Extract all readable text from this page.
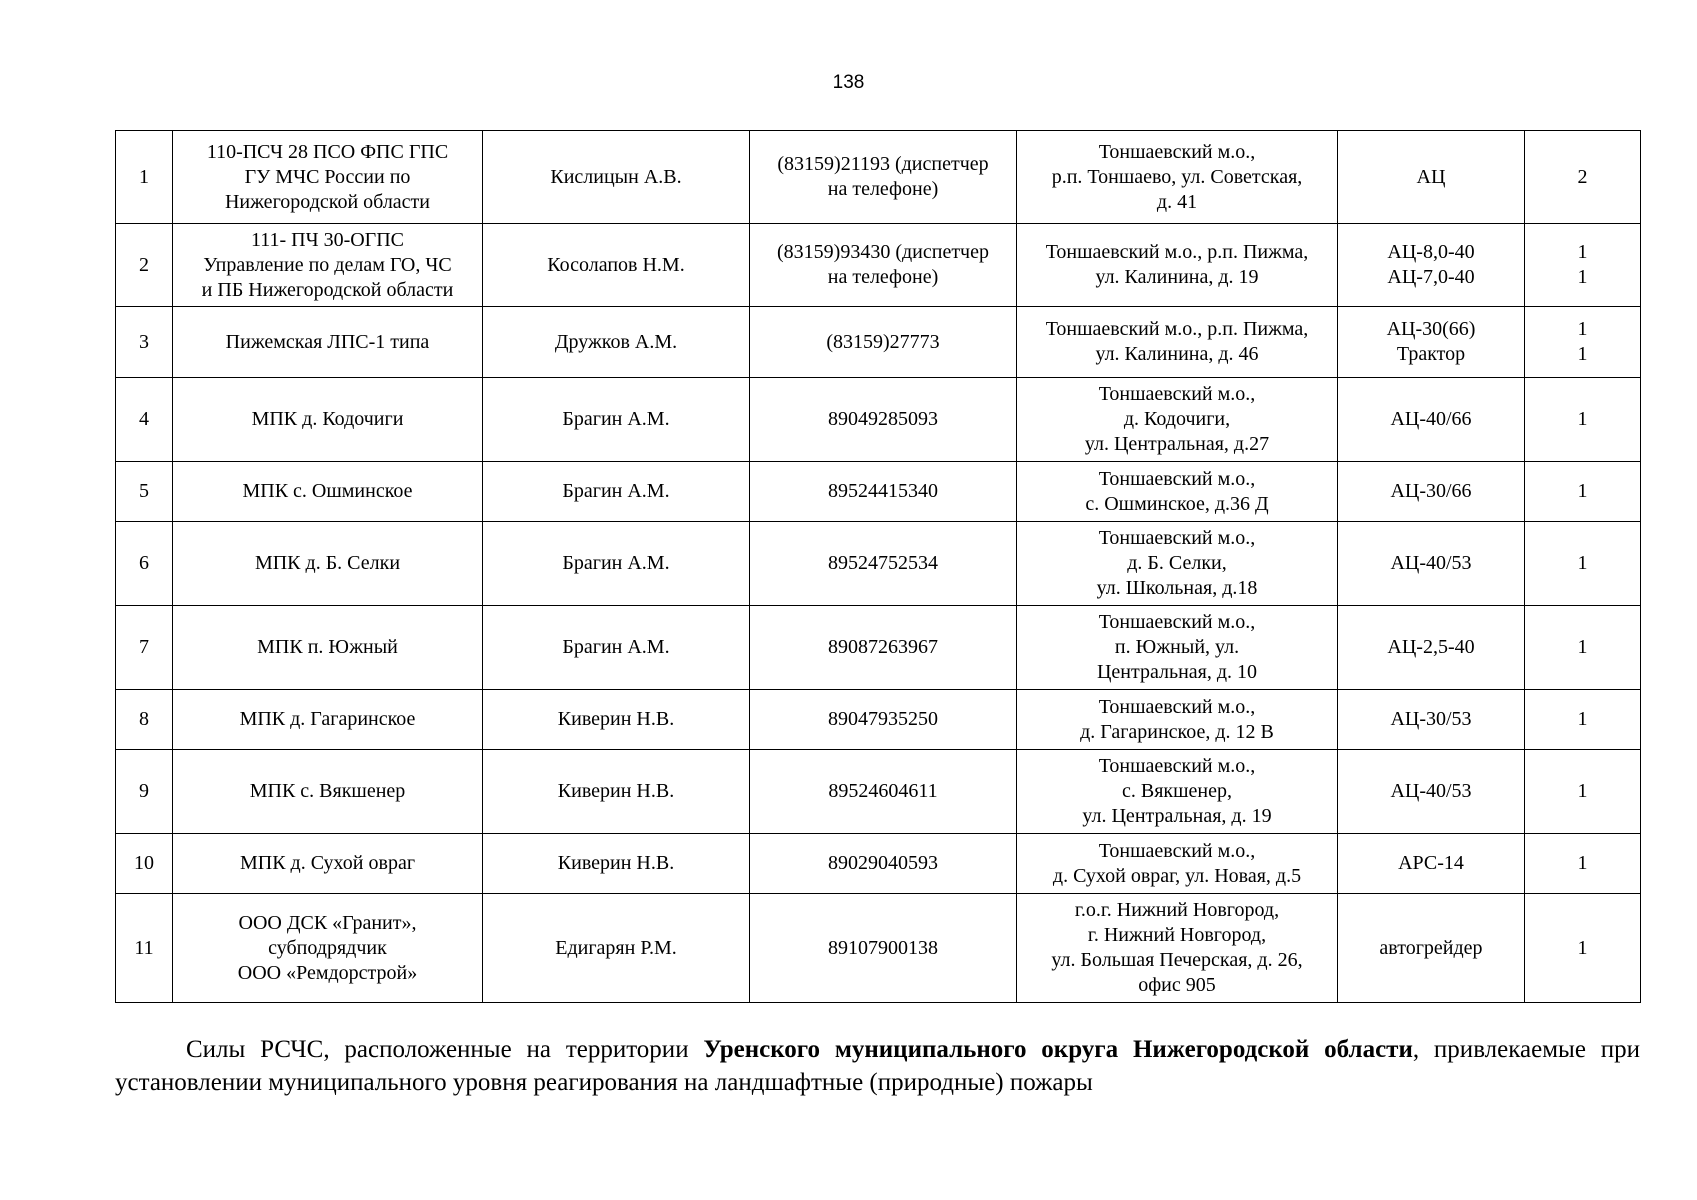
138
1	110-ПСЧ 28 ПСО ФПС ГПС
ГУ МЧС России по
Нижегородской области	Кислицын А.В.	(83159)21193 (диспетчер
на телефоне)	Тоншаевский м.о.,
р.п. Тоншаево, ул. Советская,
д. 41	АЦ	2
2	111- ПЧ 30-ОГПС
Управление по делам ГО, ЧС
и ПБ Нижегородской области	Косолапов Н.М.	(83159)93430 (диспетчер
на телефоне)	Тоншаевский м.о., р.п. Пижма,
ул. Калинина, д. 19	АЦ-8,0-40
АЦ-7,0-40	1
1
3	Пижемская ЛПС-1 типа	Дружков А.М.	(83159)27773	Тоншаевский м.о., р.п. Пижма,
ул. Калинина, д. 46	АЦ-30(66)
Трактор	1
1
4	МПК д. Кодочиги	Брагин А.М.	89049285093	Тоншаевский м.о.,
д. Кодочиги,
ул. Центральная, д.27	АЦ-40/66	1
5	МПК с. Ошминское	Брагин А.М.	89524415340	Тоншаевский м.о.,
с. Ошминское, д.36 Д	АЦ-30/66	1
6	МПК д. Б. Селки	Брагин А.М.	89524752534	Тоншаевский м.о.,
д. Б. Селки,
ул. Школьная, д.18	АЦ-40/53	1
7	МПК п. Южный	Брагин А.М.	89087263967	Тоншаевский м.о.,
п. Южный, ул.
Центральная, д. 10	АЦ-2,5-40	1
8	МПК д. Гагаринское	Киверин Н.В.	89047935250	Тоншаевский м.о.,
д. Гагаринское, д. 12 В	АЦ-30/53	1
9	МПК с. Вякшенер	Киверин Н.В.	89524604611	Тоншаевский м.о.,
с. Вякшенер,
ул. Центральная, д. 19	АЦ-40/53	1
10	МПК д. Сухой овраг	Киверин Н.В.	89029040593	Тоншаевский м.о.,
д. Сухой овраг, ул. Новая, д.5	АРС-14	1
11	ООО ДСК «Гранит»,
субподрядчик
ООО «Ремдорстрой»	Едигарян Р.М.	89107900138	г.о.г. Нижний Новгород,
г. Нижний Новгород,
ул. Большая Печерская, д. 26,
офис 905	автогрейдер	1
Силы РСЧС, расположенные на территории Уренского муниципального округа Нижегородской области, привлекаемые при установлении муниципального уровня реагирования на ландшафтные (природные) пожары
